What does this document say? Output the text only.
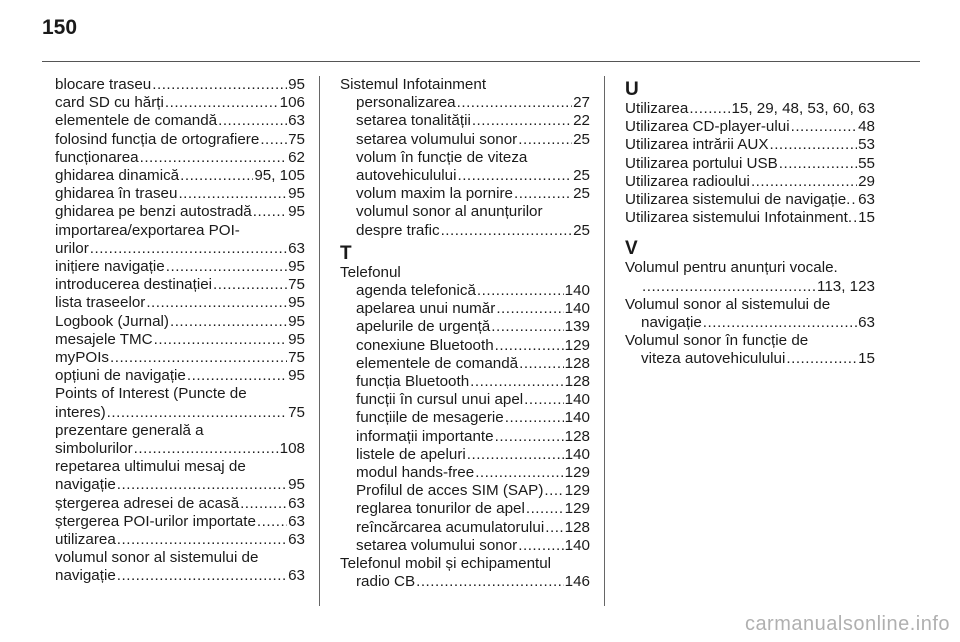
150
blocare traseu .....	95
card SD cu hărți .....	106
elementele de comandă .....	63
folosind funcția de ortografiere ..... 75
funcționarea .....	62
ghidarea dinamică .....	95, 105
ghidarea în traseu .....	95
ghidarea pe benzi autostradă ..... 95
importarea/exportarea POI-
urilor .....	63
inițiere navigație .....	95
introducerea destinației .....	75
lista traseelor .....	95
Logbook (Jurnal) .....	95
mesajele TMC .....	95
myPOIs .....	75
opțiuni de navigație .....	95
Points of Interest (Puncte de
interes) .....	75
prezentare generală a
simbolurilor .....	108
repetarea ultimului mesaj de
navigație .....	95
ștergerea adresei de acasă .....	63
ștergerea POI-urilor importate ..... 63
utilizarea .....	63
volumul sonor al sistemului de
navigație .....	63
Sistemul Infotainment
personalizarea .....	27
setarea tonalității .....	22
setarea volumului sonor .....	25
volum în funcție de viteza
autovehiculului .....	25
volum maxim la pornire .....	25
volumul sonor al anunțurilor
despre trafic .....	25
T
Telefonul
agenda telefonică .....	140
apelarea unui număr .....	140
apelurile de urgență .....	139
conexiune Bluetooth .....	129
elementele de comandă .....	128
funcția Bluetooth .....	128
funcții în cursul unui apel .....	140
funcțiile de mesagerie .....	140
informații importante .....	128
listele de apeluri .....	140
modul hands-free .....	129
Profilul de acces SIM (SAP) ..... 129
reglarea tonurilor de apel .....	129
reîncărcarea acumulatorului ..... 128
setarea volumului sonor .....	140
Telefonul mobil și echipamentul
radio CB .....	146
U
Utilizarea .....	15, 29, 48, 53, 60, 63
Utilizarea CD-player-ului .....	48
Utilizarea intrării AUX .....	53
Utilizarea portului USB .....	55
Utilizarea radioului .....	29
Utilizarea sistemului de navigație. ..... 63
Utilizarea sistemului Infotainment. ..... 15
V
Volumul pentru anunțuri vocale.
.....
113, 123
Volumul sonor al sistemului de
navigație .....	63
Volumul sonor în funcție de
viteza autovehiculului .....	15
carmanualsonline.info
